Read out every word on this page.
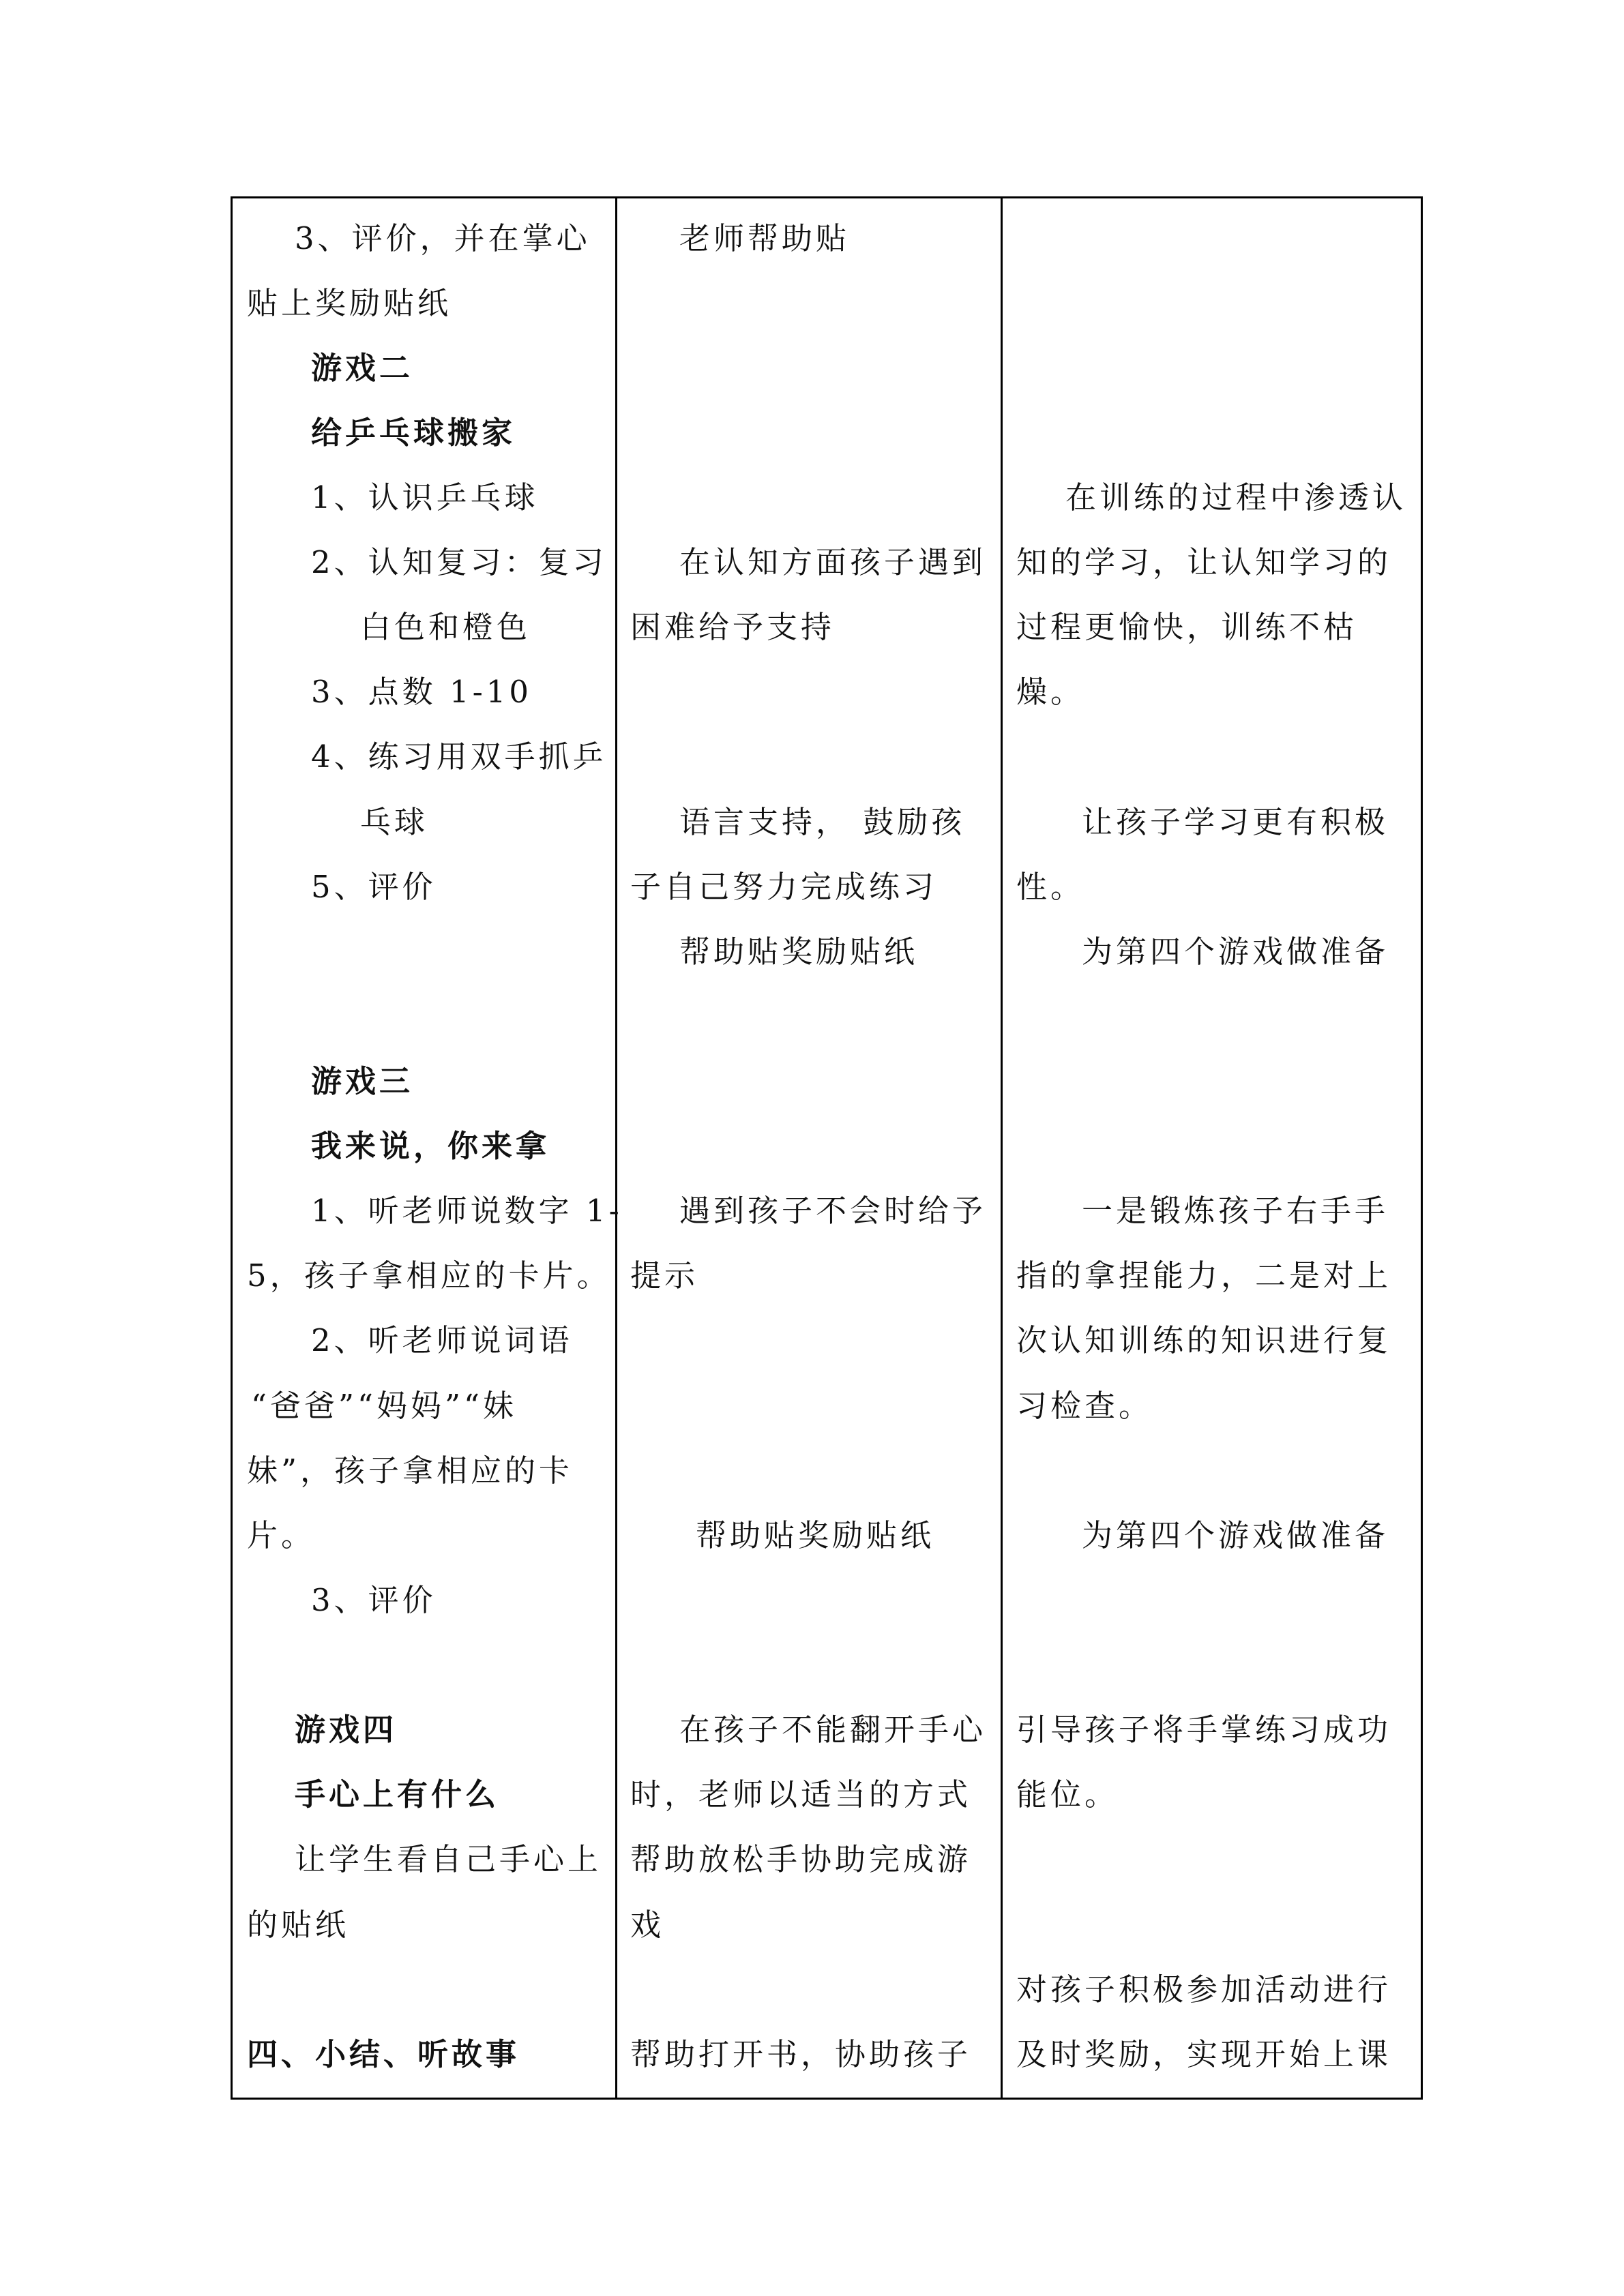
3、评价，并在掌心
贴上奖励贴纸
游戏二
给乒乓球搬家
1、认识乒乓球
2、认知复习：复习
白色和橙色
3、点数 1-10
4、练习用双手抓乒
乓球
5、评价
游戏三
我来说，你来拿
1、听老师说数字 1-
5，孩子拿相应的卡片。
2、听老师说词语
“爸爸”“妈妈”“妹
妹”，孩子拿相应的卡
片。
3、评价
游戏四
手心上有什么
让学生看自己手心上
的贴纸
四、小结、听故事
老师帮助贴
在认知方面孩子遇到
困难给予支持
语言支持， 鼓励孩
子自己努力完成练习
帮助贴奖励贴纸
遇到孩子不会时给予
提示
帮助贴奖励贴纸
在孩子不能翻开手心
时，老师以适当的方式
帮助放松手协助完成游
戏
帮助打开书，协助孩子
在训练的过程中渗透认
知的学习，让认知学习的
过程更愉快，训练不枯
燥。
让孩子学习更有积极
性。
为第四个游戏做准备
一是锻炼孩子右手手
指的拿捏能力，二是对上
次认知训练的知识进行复
习检查。
为第四个游戏做准备
引导孩子将手掌练习成功
能位。
对孩子积极参加活动进行
及时奖励，实现开始上课
